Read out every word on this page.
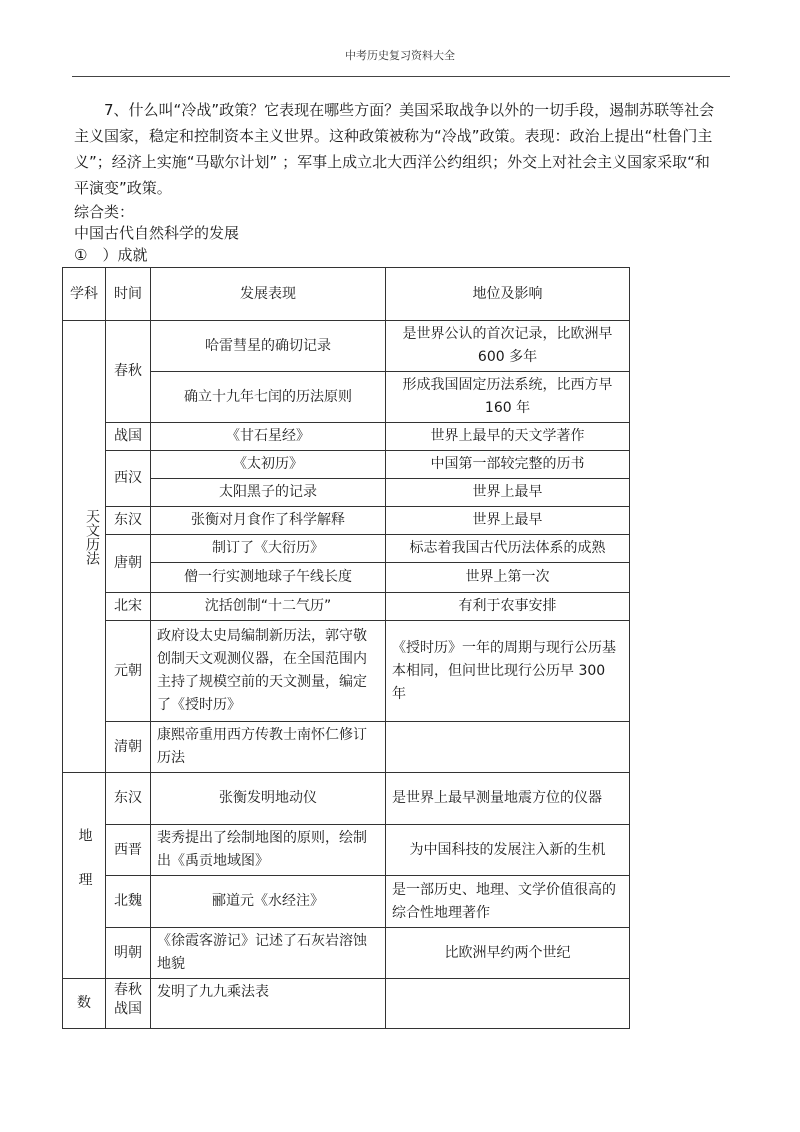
中考历史复习资料大全

7、什么叫“冷战”政策？它表现在哪些方面？美国采取战争以外的一切手段，遏制苏联等社会主义国家，稳定和控制资本主义世界。这种政策被称为“冷战”政策。表现：政治上提出“杜鲁门主义”；经济上实施“马歇尔计划” ；军事上成立北大西洋公约组织；外交上对社会主义国家采取“和平演变”政策。

综合类：
中国古代自然科学的发展
①　）成就
学科	时间	发展表现	地位及影响
天文历法	春秋	哈雷彗星的确切记录	是世界公认的首次记录，比欧洲早600 多年
		确立十九年七闰的历法原则	形成我国固定历法系统，比西方早 160 年
	战国	《甘石星经》	世界上最早的天文学著作
	西汉	《太初历》	中国第一部较完整的历书
		太阳黑子的记录	世界上最早
	东汉	张衡对月食作了科学解释	世界上最早
	唐朝	制订了《大衍历》	标志着我国古代历法体系的成熟
		僧一行实测地球子午线长度	世界上第一次
	北宋	沈括创制“十二气历”	有利于农事安排
	元朝	政府设太史局编制新历法，郭守敬创制天文观测仪器，在全国范围内主持了规模空前的天文测量，编定了《授时历》	《授时历》一年的周期与现行公历基本相同，但问世比现行公历早 300 年
	清朝	康熙帝重用西方传教士南怀仁修订历法	
地理	东汉	张衡发明地动仪	是世界上最早测量地震方位的仪器
	西晋	裴秀提出了绘制地图的原则，绘制出《禹贡地域图》	为中国科技的发展注入新的生机
	北魏	郦道元《水经注》	是一部历史、地理、文学价值很高的综合性地理著作
	明朝	《徐霞客游记》记述了石灰岩溶蚀地貌	比欧洲早约两个世纪
数	春秋战国	发明了九九乘法表	
